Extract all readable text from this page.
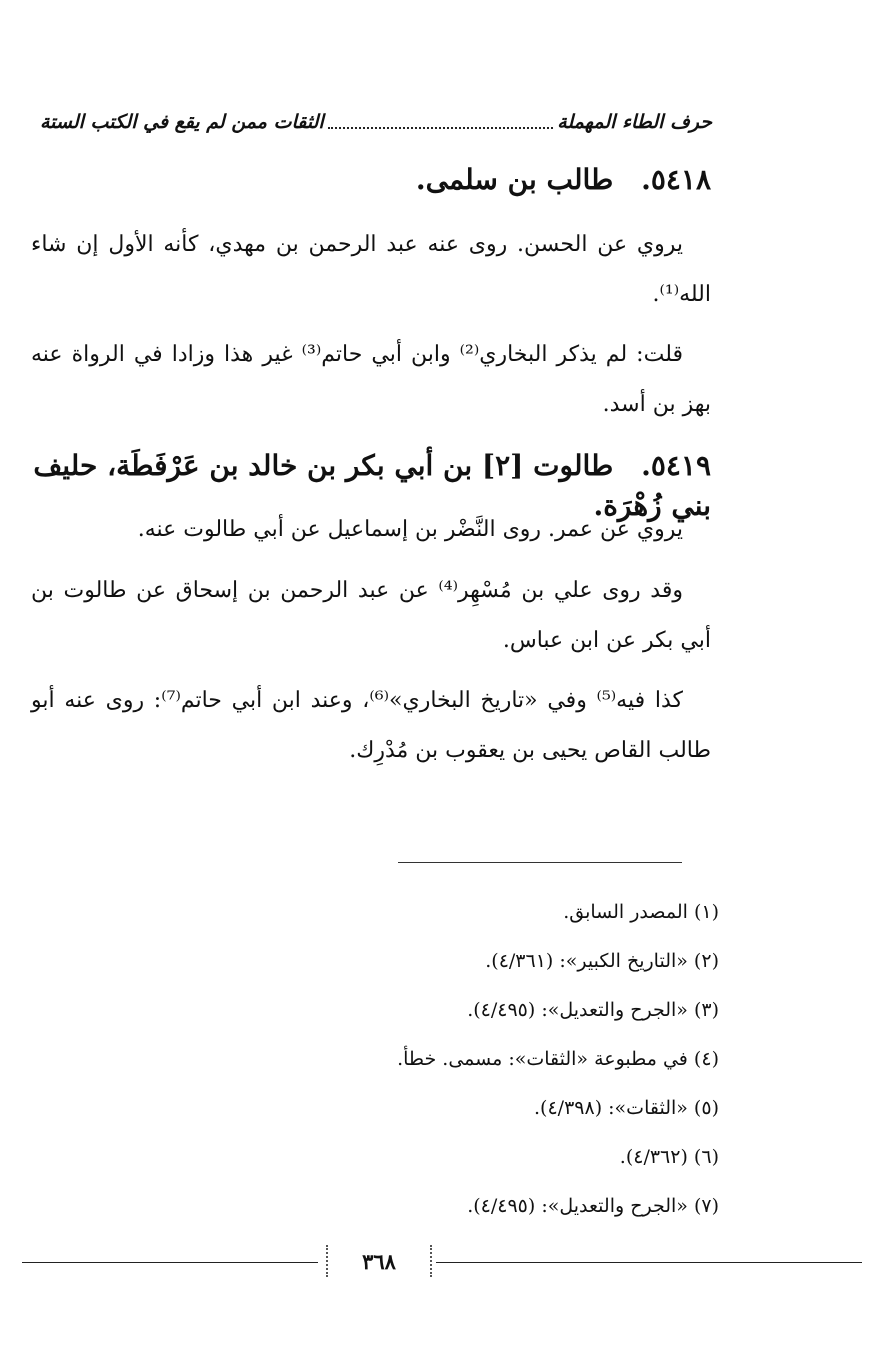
حرف الطاء المهملة
الثقات ممن لم يقع في الكتب الستة
٥٤١٨. طالب بن سلمى.
يروي عن الحسن. روى عنه عبد الرحمن بن مهدي، كأنه الأول إن شاء الله⁽¹⁾.
قلت: لم يذكر البخاري⁽²⁾ وابن أبي حاتم⁽³⁾ غير هذا وزادا في الرواة عنه بهز بن أسد.
٥٤١٩. طالوت [٢] بن أبي بكر بن خالد بن عَرْفَطَة، حليف بني زُهْرَة.
يروي عن عمر. روى النَّضْر بن إسماعيل عن أبي طالوت عنه.
وقد روى علي بن مُسْهِر⁽⁴⁾ عن عبد الرحمن بن إسحاق عن طالوت بن أبي بكر عن ابن عباس.
كذا فيه⁽⁵⁾ وفي «تاريخ البخاري»⁽⁶⁾، وعند ابن أبي حاتم⁽⁷⁾: روى عنه أبو طالب القاص يحيى بن يعقوب بن مُدْرِك.
(١) المصدر السابق.
(٢) «التاريخ الكبير»: (٤/٣٦١).
(٣) «الجرح والتعديل»: (٤/٤٩٥).
(٤) في مطبوعة «الثقات»: مسمى. خطأ.
(٥) «الثقات»: (٤/٣٩٨).
(٦) (٤/٣٦٢).
(٧) «الجرح والتعديل»: (٤/٤٩٥).
٣٦٨
